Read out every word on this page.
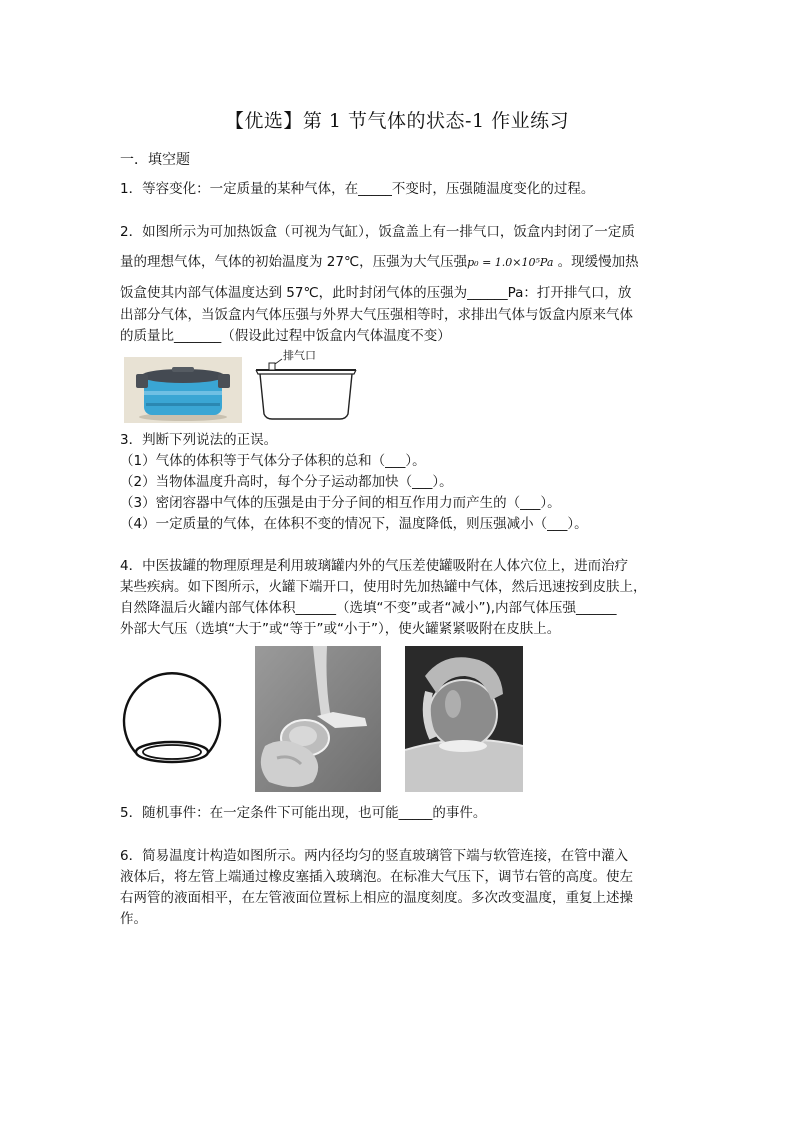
【优选】第 1 节气体的状态-1 作业练习
一．填空题

1．等容变化：一定质量的某种气体，在_____不变时，压强随温度变化的过程。

2．如图所示为可加热饭盒（可视为气缸），饭盒盖上有一排气口，饭盒内封闭了一定质

量的理想气体，气体的初始温度为 27℃，压强为大气压强p₀ = 1.0×10⁵Pa 。现缓慢加热

饭盒使其内部气体温度达到 57℃，此时封闭气体的压强为______Pa：打开排气口，放

出部分气体，当饭盒内气体压强与外界大气压强相等时，求排出气体与饭盒内原来气体

的质量比_______（假设此过程中饭盒内气体温度不变）

排气口

3．判断下列说法的正误。

（1）气体的体积等于气体分子体积的总和（___）。

（2）当物体温度升高时，每个分子运动都加快（___）。

（3）密闭容器中气体的压强是由于分子间的相互作用力而产生的（___）。

（4）一定质量的气体，在体积不变的情况下，温度降低，则压强减小（___）。

4．中医拔罐的物理原理是利用玻璃罐内外的气压差使罐吸附在人体穴位上，进而治疗

某些疾病。如下图所示，火罐下端开口，使用时先加热罐中气体，然后迅速按到皮肤上，

自然降温后火罐内部气体体积______（选填“不变”或者“减小”),内部气体压强______

外部大气压（选填“大于”或“等于”或“小于”），使火罐紧紧吸附在皮肤上。

5．随机事件：在一定条件下可能出现，也可能_____的事件。

6．简易温度计构造如图所示。两内径均匀的竖直玻璃管下端与软管连接，在管中灌入

液体后，将左管上端通过橡皮塞插入玻璃泡。在标准大气压下，调节右管的高度。使左

右两管的液面相平，在左管液面位置标上相应的温度刻度。多次改变温度，重复上述操

作。
